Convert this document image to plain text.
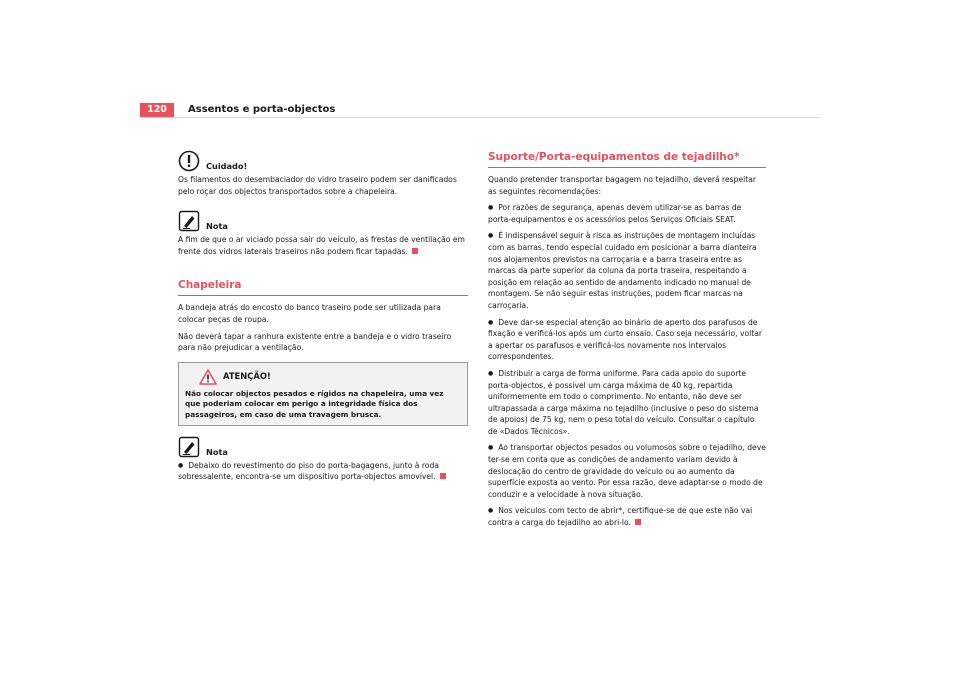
120	Assentos e porta-objectos
Cuidado!

Os filamentos do desembaciador do vidro traseiro podem ser danificados pelo roçar dos objectos transportados sobre a chapeleira.

Nota

A fim de que o ar viciado possa sair do veículo, as frestas de ventilação em frente dos vidros laterais traseiros não podem ficar tapadas.

Chapeleira

A bandeja atrás do encosto do banco traseiro pode ser utilizada para colocar peças de roupa.

Não deverá tapar a ranhura existente entre a bandeja e o vidro traseiro para não prejudicar a ventilação.

ATENÇÃO!
Não colocar objectos pesados e rígidos na chapeleira, uma vez que poderiam colocar em perigo a integridade física dos passageiros, em caso de uma travagem brusca.
Nota

● Debaixo do revestimento do piso do porta-bagagens, junto à roda sobressalente, encontra-se um dispositivo porta-objectos amovível.

Suporte/Porta-equipamentos de tejadilho*

Quando pretender transportar bagagem no tejadilho, deverá respeitar as seguintes recomendações:

● Por razões de segurança, apenas devem utilizar-se as barras de porta-equipamentos e os acessórios pelos Serviços Oficiais SEAT.

● É indispensável seguir à risca as instruções de montagem incluídas com as barras, tendo especial cuidado em posicionar a barra dianteira nos alojamentos previstos na carroçaria e a barra traseira entre as marcas da parte superior da coluna da porta traseira, respeitando a posição em relação ao sentido de andamento indicado no manual de montagem. Se não seguir estas instruções, podem ficar marcas na carroçaria.

● Deve dar-se especial atenção ao binário de aperto dos parafusos de fixação e verificá-los após um curto ensaio. Caso seja necessário, voltar a apertar os parafusos e verificá-los novamente nos intervalos correspondentes.

● Distribuir a carga de forma uniforme. Para cada apoio do suporte porta-objectos, é possível um carga máxima de 40 kg, repartida uniformemente em todo o comprimento. No entanto, não deve ser ultrapassada a carga máxima no tejadilho (inclusive o peso do sistema de apoios) de 75 kg, nem o peso total do veículo. Consultar o capítulo de «Dados Técnicos».

● Ao transportar objectos pesados ou volumosos sobre o tejadilho, deve ter-se em conta que as condições de andamento variam devido à deslocação do centro de gravidade do veículo ou ao aumento da superfície exposta ao vento. Por essa razão, deve adaptar-se o modo de conduzir e a velocidade à nova situação.

● Nos veículos com tecto de abrir*, certifique-se de que este não vai contra a carga do tejadilho ao abri-lo.
